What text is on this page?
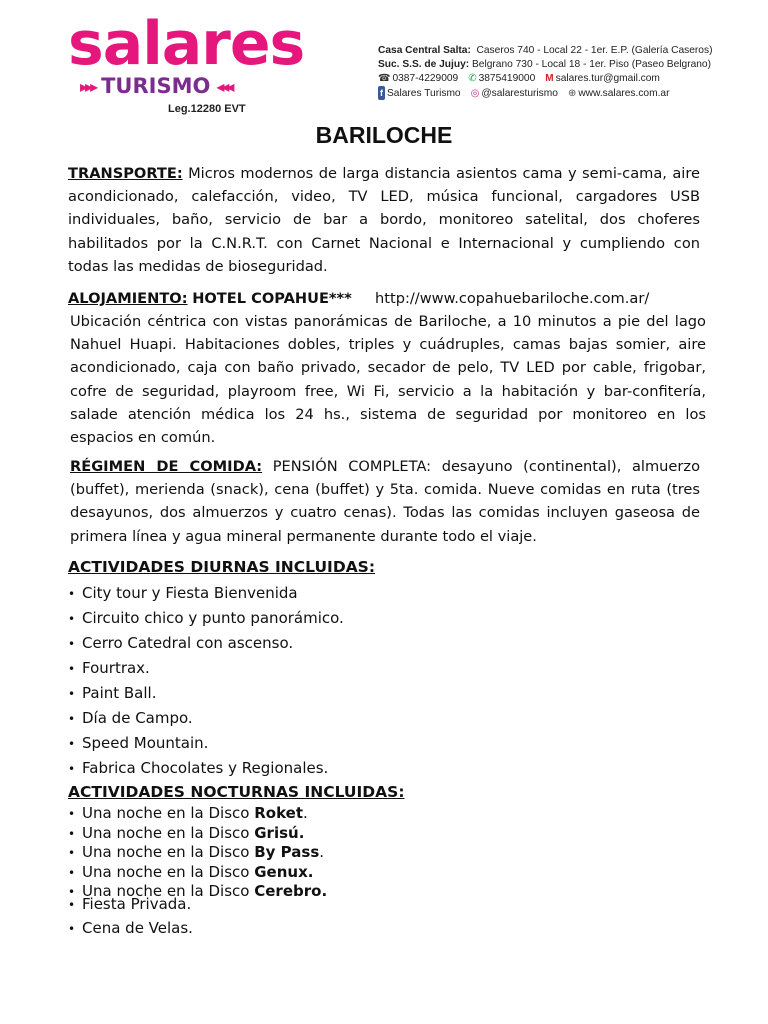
salares
▸▸▸ TURISMO ◂◂◂
Leg.12280 EVT
Casa Central Salta: Caseros 740 - Local 22 - 1er. E.P. (Galería Caseros)
Suc. S.S. de Jujuy: Belgrano 730 - Local 18 - 1er. Piso (Paseo Belgrano)
☎ 0387-4229009 ✆ 3875419000 M salares.tur@gmail.com
f Salares Turismo ◎ @salaresturismo ⊕ www.salares.com.ar
BARILOCHE
TRANSPORTE: Micros modernos de larga distancia asientos cama y semi-cama, aire acondicionado, calefacción, video, TV LED, música funcional, cargadores USB individuales, baño, servicio de bar a bordo, monitoreo satelital, dos choferes habilitados por la C.N.R.T. con Carnet Nacional e Internacional y cumpliendo con todas las medidas de bioseguridad.
ALOJAMIENTO: HOTEL COPAHUE*** http://www.copahuebariloche.com.ar/
Ubicación céntrica con vistas panorámicas de Bariloche, a 10 minutos a pie del lago Nahuel Huapi. Habitaciones dobles, triples y cuádruples, camas bajas somier, aire acondicionado, caja con baño privado, secador de pelo, TV LED por cable, frigobar, cofre de seguridad, playroom free, Wi Fi, servicio a la habitación y bar-confitería, salade atención médica los 24 hs., sistema de seguridad por monitoreo en los espacios en común.
RÉGIMEN DE COMIDA: PENSIÓN COMPLETA: desayuno (continental), almuerzo (buffet), merienda (snack), cena (buffet) y 5ta. comida. Nueve comidas en ruta (tres desayunos, dos almuerzos y cuatro cenas). Todas las comidas incluyen gaseosa de primera línea y agua mineral permanente durante todo el viaje.
ACTIVIDADES DIURNAS INCLUIDAS:
• City tour y Fiesta Bienvenida
• Circuito chico y punto panorámico.
• Cerro Catedral con ascenso.
• Fourtrax.
• Paint Ball.
• Día de Campo.
• Speed Mountain.
• Fabrica Chocolates y Regionales.
ACTIVIDADES NOCTURNAS INCLUIDAS:
• Una noche en la Disco Roket.
• Una noche en la Disco Grisú.
• Una noche en la Disco By Pass.
• Una noche en la Disco Genux.
• Una noche en la Disco Cerebro.
• Fiesta Privada.
• Cena de Velas.
